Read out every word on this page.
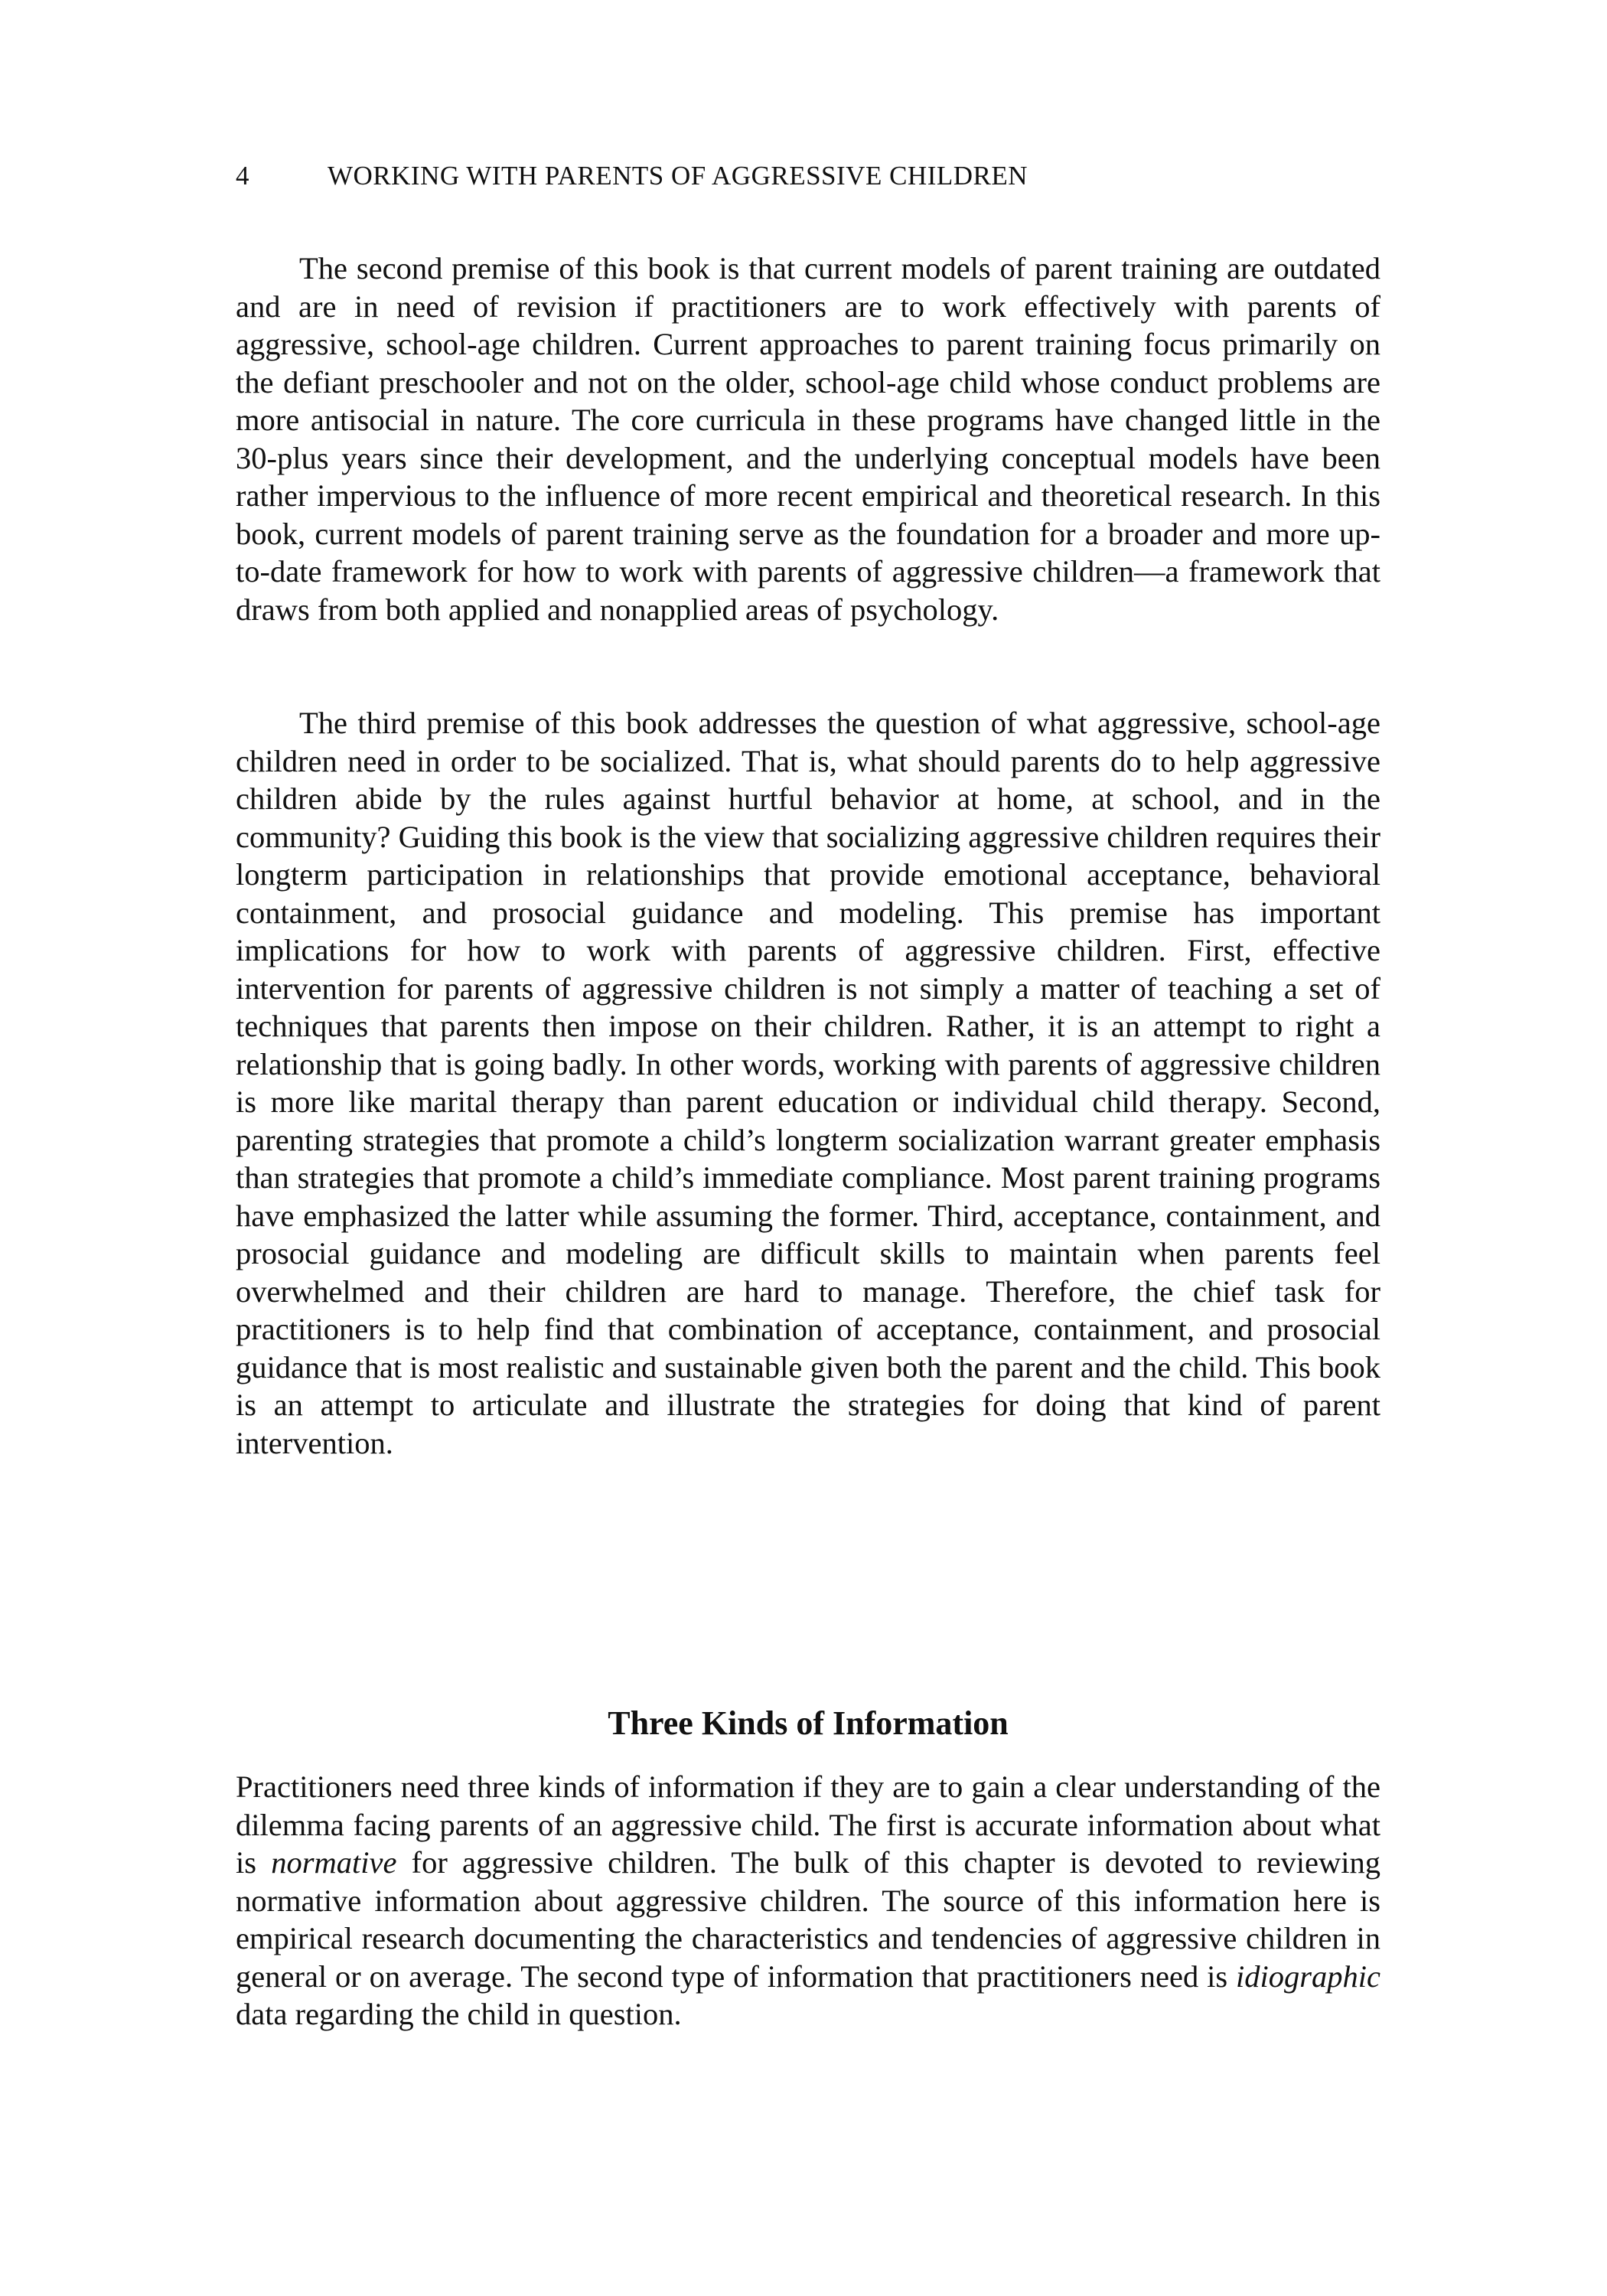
4	WORKING WITH PARENTS OF AGGRESSIVE CHILDREN

The second premise of this book is that current models of parent training are outdated and are in need of revision if practitioners are to work effectively with parents of aggressive, school-age children. Current approaches to parent training focus primarily on the defiant preschooler and not on the older, school-age child whose conduct problems are more antisocial in nature. The core curricula in these programs have changed little in the 30-plus years since their development, and the underlying conceptual models have been rather impervious to the influence of more recent empirical and theoretical research. In this book, current models of parent training serve as the foundation for a broader and more up-to-date framework for how to work with parents of aggressive children—a framework that draws from both applied and nonapplied areas of psychology.

The third premise of this book addresses the question of what aggressive, school-age children need in order to be socialized. That is, what should parents do to help aggressive children abide by the rules against hurtful behavior at home, at school, and in the community? Guiding this book is the view that socializing aggressive children requires their longterm participation in relationships that provide emotional acceptance, behavioral containment, and prosocial guidance and modeling. This premise has important implications for how to work with parents of aggressive children. First, effective intervention for parents of aggressive children is not simply a matter of teaching a set of techniques that parents then impose on their children. Rather, it is an attempt to right a relationship that is going badly. In other words, working with parents of aggressive children is more like marital therapy than parent education or individual child therapy. Second, parenting strategies that promote a child’s longterm socialization warrant greater emphasis than strategies that promote a child’s immediate compliance. Most parent training programs have emphasized the latter while assuming the former. Third, acceptance, containment, and prosocial guidance and modeling are difficult skills to maintain when parents feel overwhelmed and their children are hard to manage. Therefore, the chief task for practitioners is to help find that combination of acceptance, containment, and prosocial guidance that is most realistic and sustainable given both the parent and the child. This book is an attempt to articulate and illustrate the strategies for doing that kind of parent intervention.

Three Kinds of Information

Practitioners need three kinds of information if they are to gain a clear understanding of the dilemma facing parents of an aggressive child. The first is accurate information about what is normative for aggressive children. The bulk of this chapter is devoted to reviewing normative information about aggressive children. The source of this information here is empirical research documenting the characteristics and tendencies of aggressive children in general or on average. The second type of information that practitioners need is idiographic data regarding the child in question.
